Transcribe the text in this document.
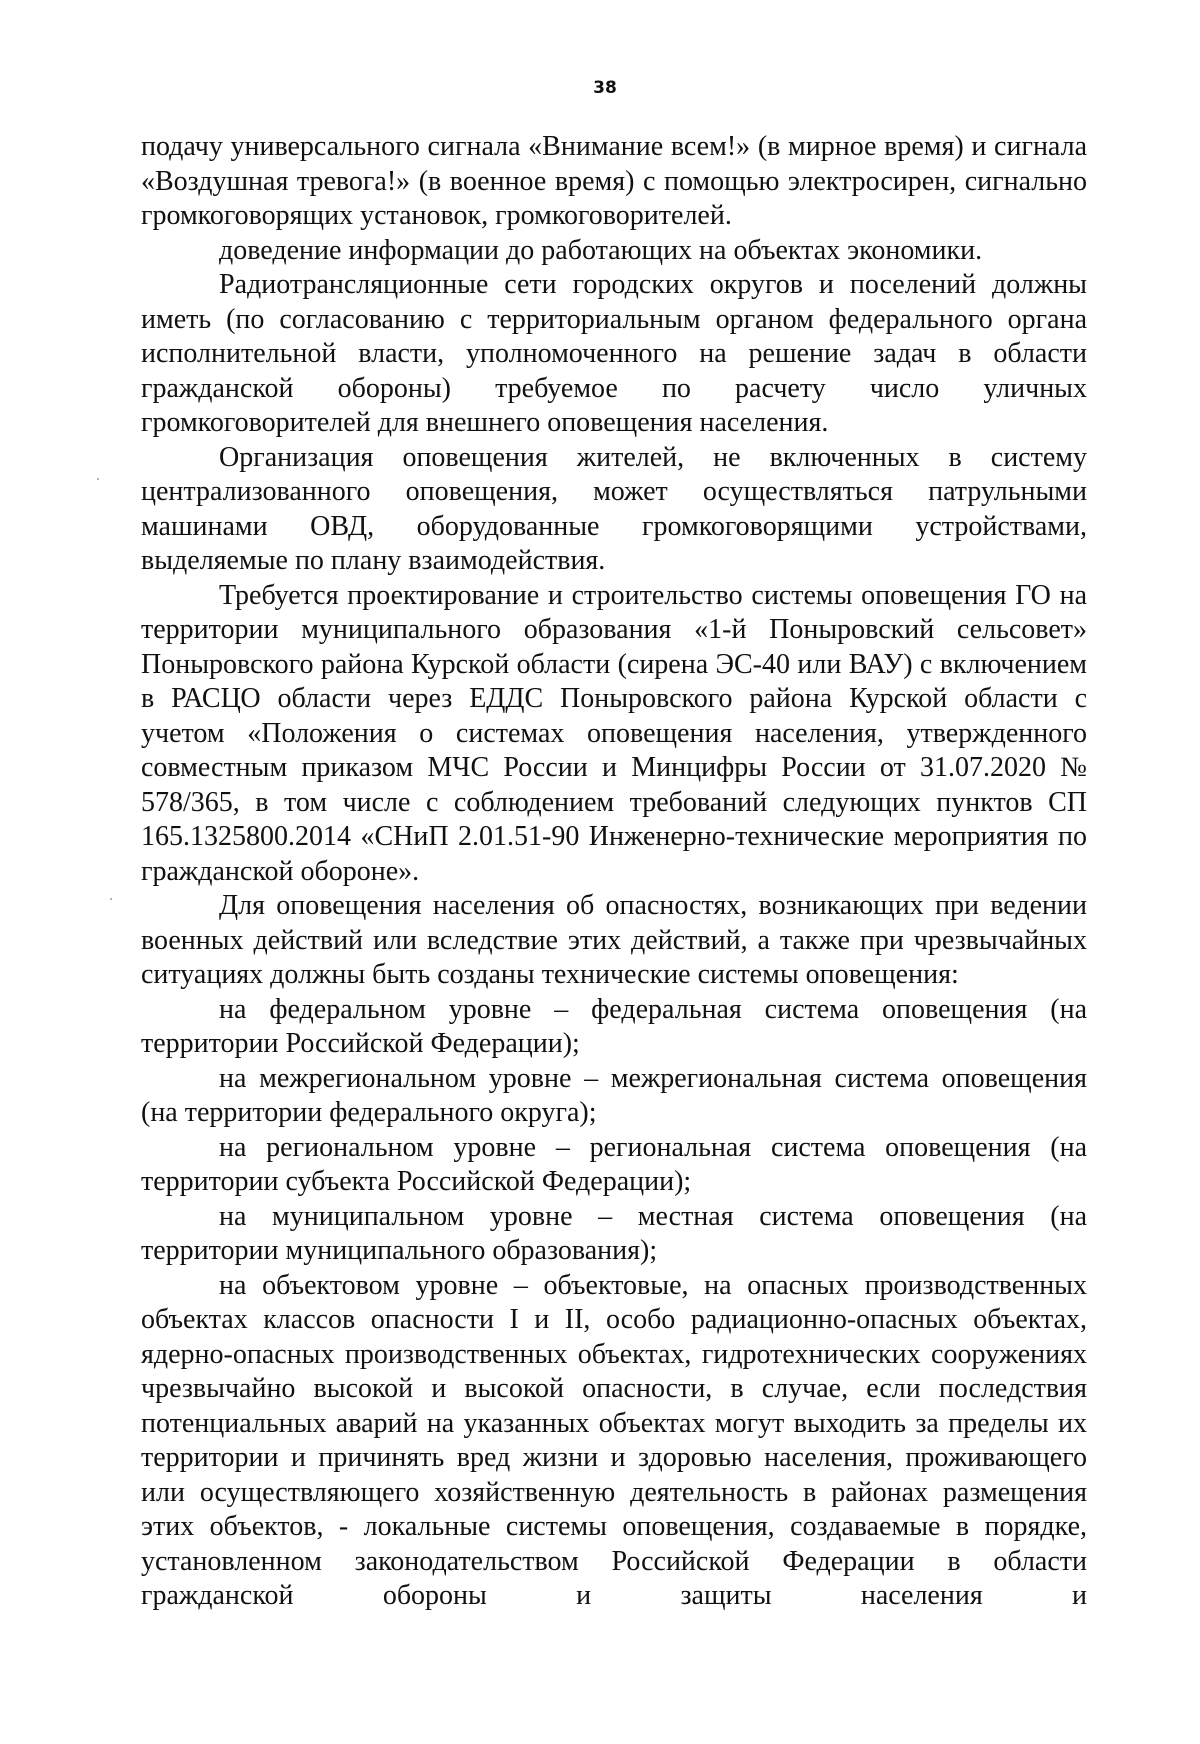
38

подачу универсального сигнала «Внимание всем!» (в мирное время) и сигнала «Воздушная тревога!» (в военное время) с помощью электросирен, сигнально громкоговорящих установок, громкоговорителей.

доведение информации до работающих на объектах экономики.

Радиотрансляционные сети городских округов и поселений должны иметь (по согласованию с территориальным органом федерального органа исполнительной власти, уполномоченного на решение задач в области гражданской обороны) требуемое по расчету число уличных громкоговорителей для внешнего оповещения населения.

Организация оповещения жителей, не включенных в систему централизованного оповещения, может осуществляться патрульными машинами ОВД, оборудованные громкоговорящими устройствами, выделяемые по плану взаимодействия.

Требуется проектирование и строительство системы оповещения ГО на территории муниципального образования «1-й Поныровский сельсовет» Поныровского района Курской области (сирена ЭС-40 или ВАУ) с включением в РАСЦО области через ЕДДС Поныровского района Курской области с учетом «Положения о системах оповещения населения, утвержденного совместным приказом МЧС России и Минцифры России от 31.07.2020 № 578/365, в том числе с соблюдением требований следующих пунктов СП 165.1325800.2014 «СНиП 2.01.51-90 Инженерно-технические мероприятия по гражданской обороне».

Для оповещения населения об опасностях, возникающих при ведении военных действий или вследствие этих действий, а также при чрезвычайных ситуациях должны быть созданы технические системы оповещения:

на федеральном уровне – федеральная система оповещения (на территории Российской Федерации);

на межрегиональном уровне – межрегиональная система оповещения (на территории федерального округа);

на региональном уровне – региональная система оповещения (на территории субъекта Российской Федерации);

на муниципальном уровне – местная система оповещения (на территории муниципального образования);

на объектовом уровне – объектовые, на опасных производственных объектах классов опасности I и II, особо радиационно-опасных объектах, ядерно-опасных производственных объектах, гидротехнических сооружениях чрезвычайно высокой и высокой опасности, в случае, если последствия потенциальных аварий на указанных объектах могут выходить за пределы их территории и причинять вред жизни и здоровью населения, проживающего или осуществляющего хозяйственную деятельность в районах размещения этих объектов, - локальные системы оповещения, создаваемые в порядке, установленном законодательством Российской Федерации в области гражданской обороны и защиты населения и
